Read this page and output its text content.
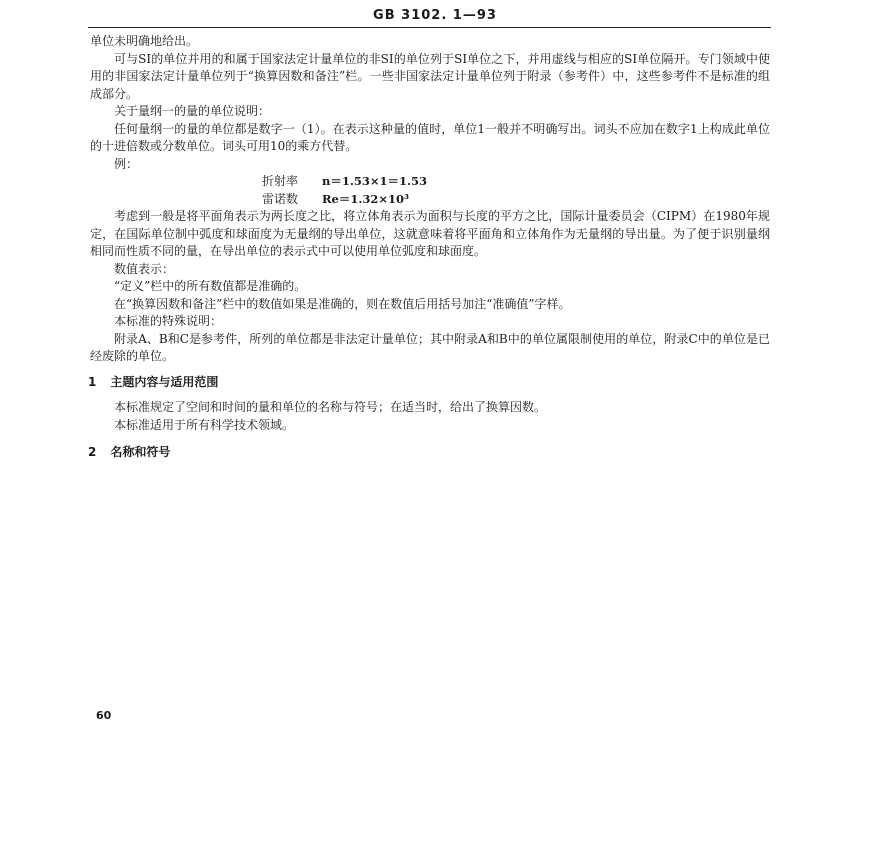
GB 3102. 1—93

单位未明确地给出。

可与SI的单位并用的和属于国家法定计量单位的非SI的单位列于SI单位之下，并用虚线与相应的SI单位隔开。专门领域中使用的非国家法定计量单位列于“换算因数和备注”栏。一些非国家法定计量单位列于附录（参考件）中，这些参考件不是标准的组成部分。

关于量纲一的量的单位说明：

任何量纲一的量的单位都是数字一（1）。在表示这种量的值时，单位1一般并不明确写出。词头不应加在数字1上构成此单位的十进倍数或分数单位。词头可用10的乘方代替。

例：

折射率	n＝1.53×1＝1.53
雷诺数	Re＝1.32×10³

考虑到一般是将平面角表示为两长度之比，将立体角表示为面积与长度的平方之比，国际计量委员会（CIPM）在1980年规定，在国际单位制中弧度和球面度为无量纲的导出单位，这就意味着将平面角和立体角作为无量纲的导出量。为了便于识别量纲相同而性质不同的量，在导出单位的表示式中可以使用单位弧度和球面度。

数值表示：

“定义”栏中的所有数值都是准确的。

在“换算因数和备注”栏中的数值如果是准确的，则在数值后用括号加注“准确值”字样。

本标准的特殊说明：

附录A、B和C是参考件，所列的单位都是非法定计量单位；其中附录A和B中的单位属限制使用的单位，附录C中的单位是已经废除的单位。

1 主题内容与适用范围

本标准规定了空间和时间的量和单位的名称与符号；在适当时，给出了换算因数。

本标准适用于所有科学技术领域。

2 名称和符号
60
